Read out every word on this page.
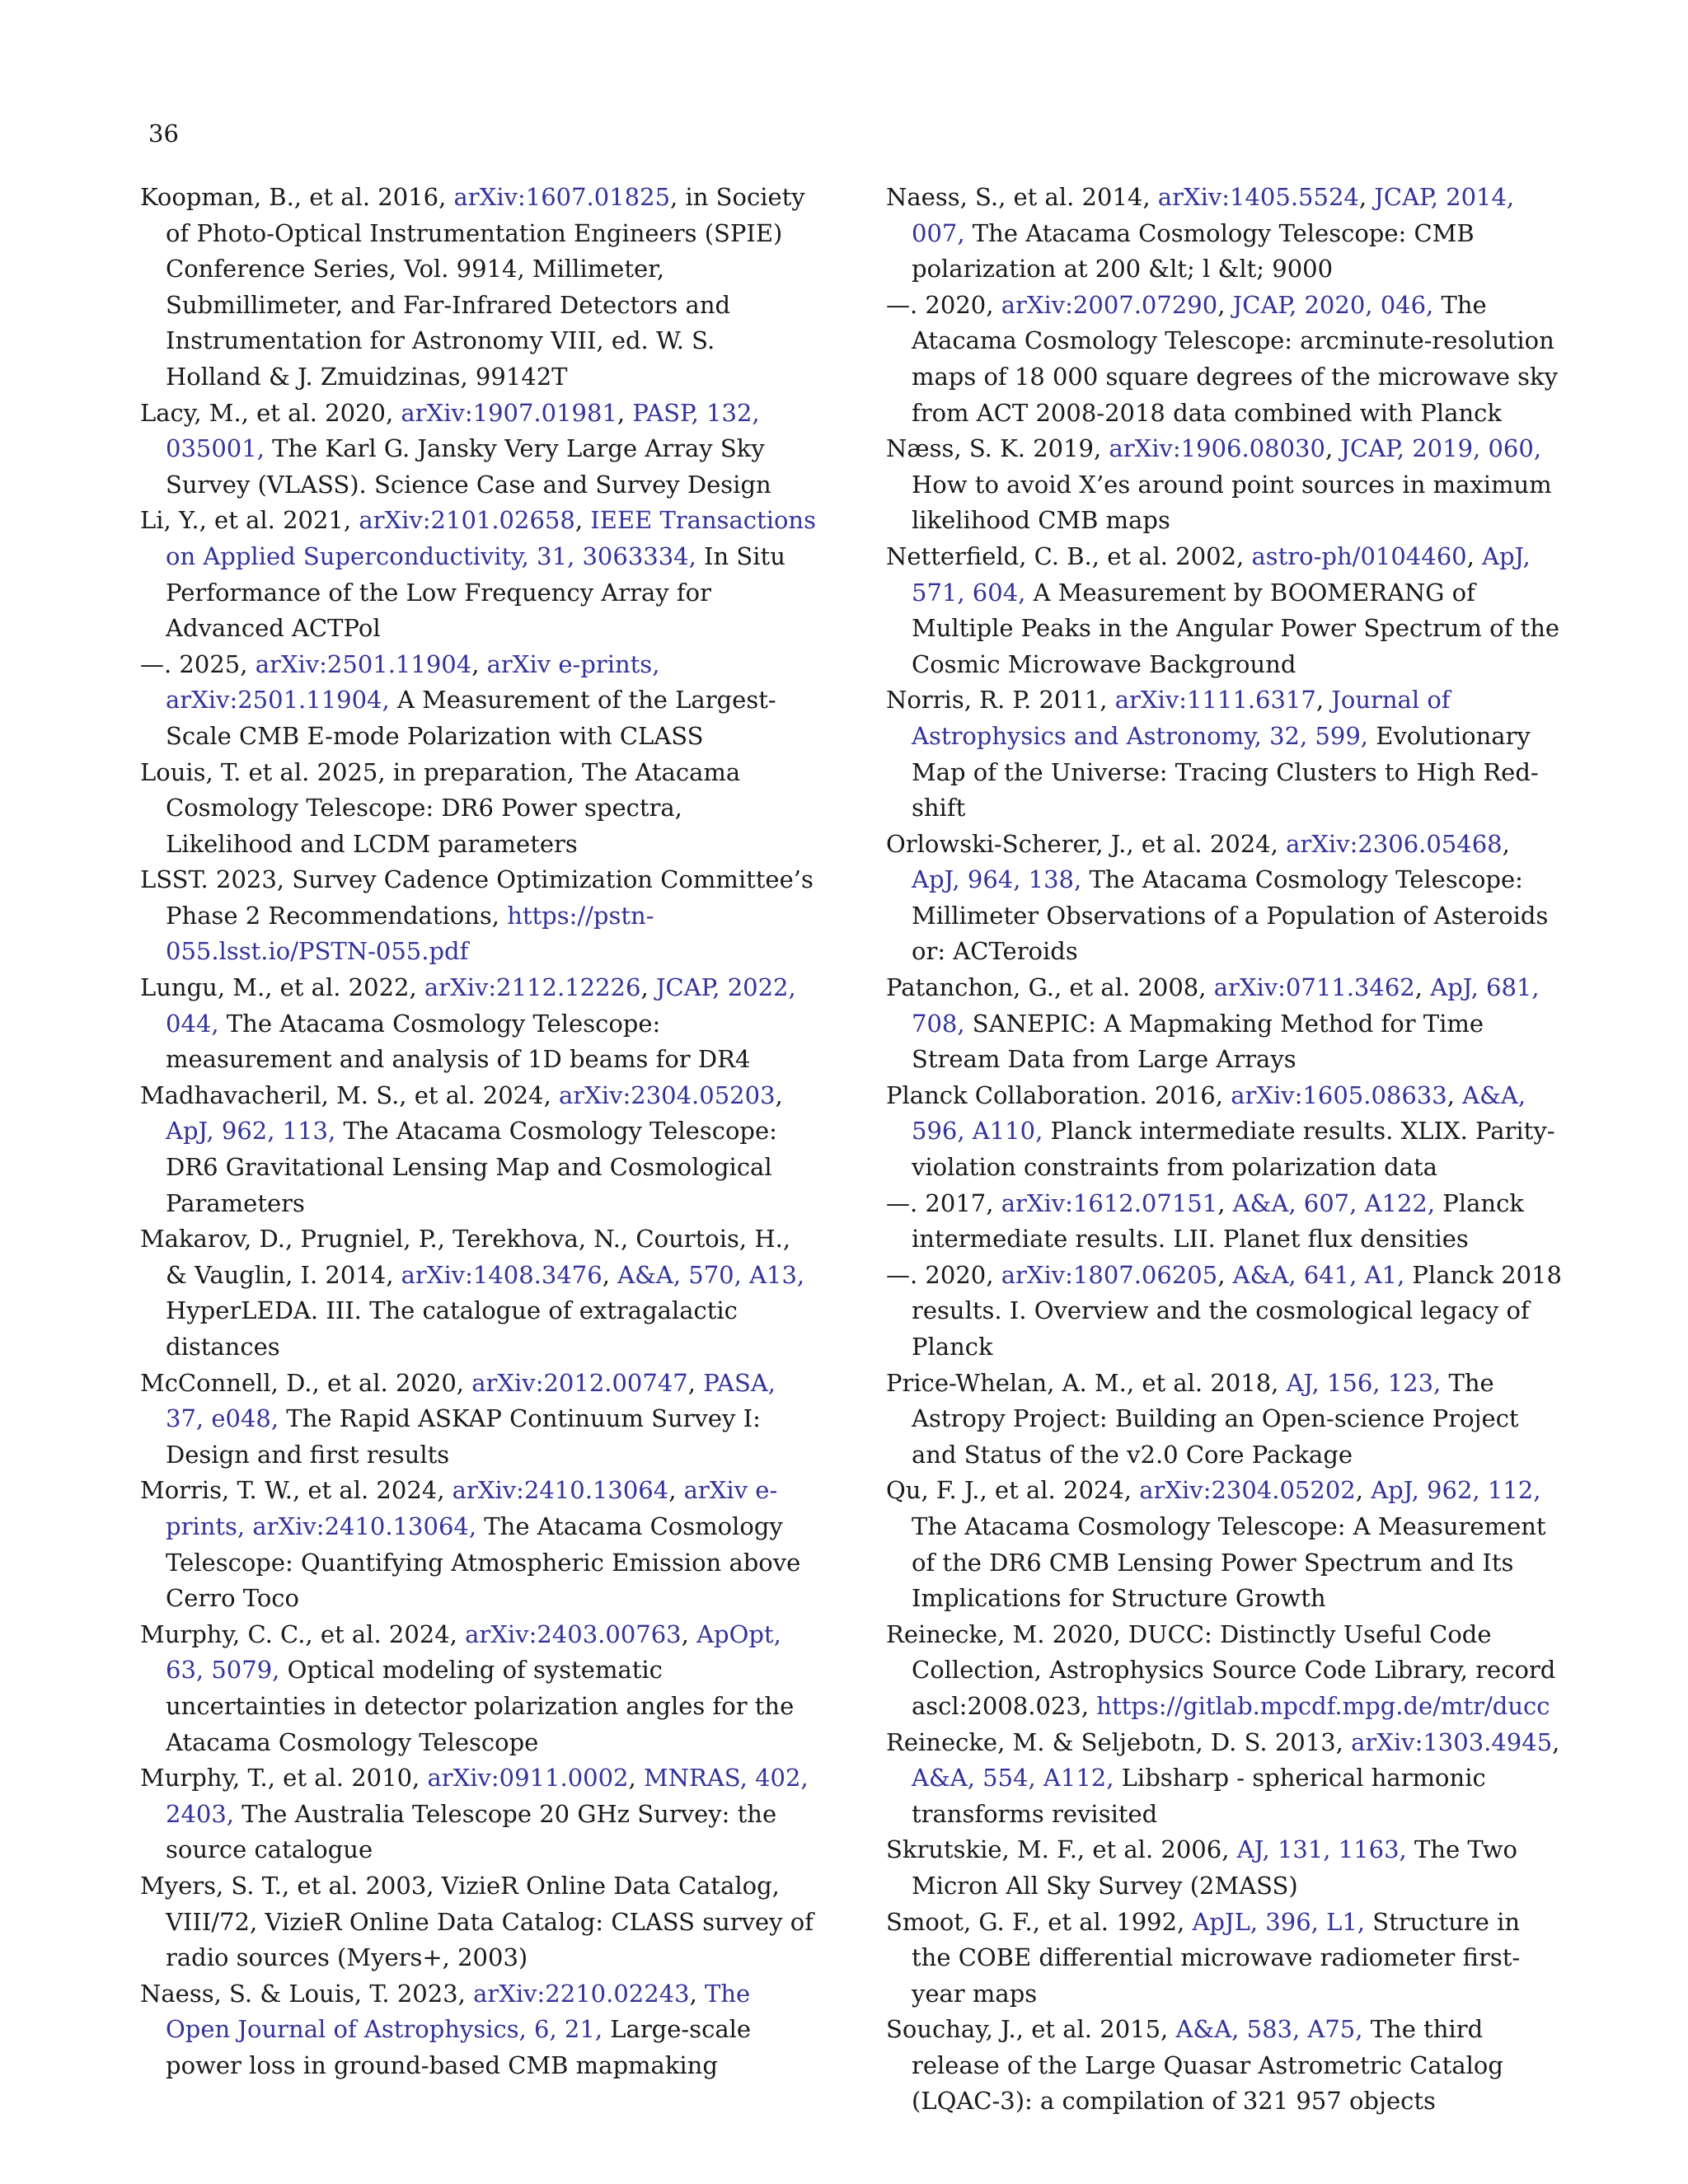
36

Koopman, B., et al. 2016, arXiv:1607.01825, in Society of Photo-Optical Instrumentation Engineers (SPIE) Conference Series, Vol. 9914, Millimeter, Submillimeter, and Far-Infrared Detectors and Instrumentation for Astronomy VIII, ed. W. S. Holland & J. Zmuidzinas, 99142T

Lacy, M., et al. 2020, arXiv:1907.01981, PASP, 132, 035001, The Karl G. Jansky Very Large Array Sky Survey (VLASS). Science Case and Survey Design

Li, Y., et al. 2021, arXiv:2101.02658, IEEE Transactions on Applied Superconductivity, 31, 3063334, In Situ Performance of the Low Frequency Array for Advanced ACTPol

—. 2025, arXiv:2501.11904, arXiv e-prints, arXiv:2501.11904, A Measurement of the Largest-Scale CMB E-mode Polarization with CLASS

Louis, T. et al. 2025, in preparation, The Atacama Cosmology Telescope: DR6 Power spectra, Likelihood and LCDM parameters

LSST. 2023, Survey Cadence Optimization Committee’s Phase 2 Recommendations, https://pstn-055.lsst.io/PSTN-055.pdf

Lungu, M., et al. 2022, arXiv:2112.12226, JCAP, 2022, 044, The Atacama Cosmology Telescope: measurement and analysis of 1D beams for DR4

Madhavacheril, M. S., et al. 2024, arXiv:2304.05203, ApJ, 962, 113, The Atacama Cosmology Telescope: DR6 Gravitational Lensing Map and Cosmological Parameters

Makarov, D., Prugniel, P., Terekhova, N., Courtois, H., & Vauglin, I. 2014, arXiv:1408.3476, A&A, 570, A13, HyperLEDA. III. The catalogue of extragalactic distances

McConnell, D., et al. 2020, arXiv:2012.00747, PASA, 37, e048, The Rapid ASKAP Continuum Survey I: Design and first results

Morris, T. W., et al. 2024, arXiv:2410.13064, arXiv e-prints, arXiv:2410.13064, The Atacama Cosmology Telescope: Quantifying Atmospheric Emission above Cerro Toco

Murphy, C. C., et al. 2024, arXiv:2403.00763, ApOpt, 63, 5079, Optical modeling of systematic uncertainties in detector polarization angles for the Atacama Cosmology Telescope

Murphy, T., et al. 2010, arXiv:0911.0002, MNRAS, 402, 2403, The Australia Telescope 20 GHz Survey: the source catalogue

Myers, S. T., et al. 2003, VizieR Online Data Catalog, VIII/72, VizieR Online Data Catalog: CLASS survey of radio sources (Myers+, 2003)

Naess, S. & Louis, T. 2023, arXiv:2210.02243, The Open Journal of Astrophysics, 6, 21, Large-scale power loss in ground-based CMB mapmaking

Naess, S., et al. 2014, arXiv:1405.5524, JCAP, 2014, 007, The Atacama Cosmology Telescope: CMB polarization at 200 &lt; l &lt; 9000

—. 2020, arXiv:2007.07290, JCAP, 2020, 046, The Atacama Cosmology Telescope: arcminute-resolution maps of 18 000 square degrees of the microwave sky from ACT 2008-2018 data combined with Planck

Næss, S. K. 2019, arXiv:1906.08030, JCAP, 2019, 060, How to avoid X’es around point sources in maximum likelihood CMB maps

Netterfield, C. B., et al. 2002, astro-ph/0104460, ApJ, 571, 604, A Measurement by BOOMERANG of Multiple Peaks in the Angular Power Spectrum of the Cosmic Microwave Background

Norris, R. P. 2011, arXiv:1111.6317, Journal of Astrophysics and Astronomy, 32, 599, Evolutionary Map of the Universe: Tracing Clusters to High Red-shift

Orlowski-Scherer, J., et al. 2024, arXiv:2306.05468, ApJ, 964, 138, The Atacama Cosmology Telescope: Millimeter Observations of a Population of Asteroids or: ACTeroids

Patanchon, G., et al. 2008, arXiv:0711.3462, ApJ, 681, 708, SANEPIC: A Mapmaking Method for Time Stream Data from Large Arrays

Planck Collaboration. 2016, arXiv:1605.08633, A&A, 596, A110, Planck intermediate results. XLIX. Parity-violation constraints from polarization data

—. 2017, arXiv:1612.07151, A&A, 607, A122, Planck intermediate results. LII. Planet flux densities

—. 2020, arXiv:1807.06205, A&A, 641, A1, Planck 2018 results. I. Overview and the cosmological legacy of Planck

Price-Whelan, A. M., et al. 2018, AJ, 156, 123, The Astropy Project: Building an Open-science Project and Status of the v2.0 Core Package

Qu, F. J., et al. 2024, arXiv:2304.05202, ApJ, 962, 112, The Atacama Cosmology Telescope: A Measurement of the DR6 CMB Lensing Power Spectrum and Its Implications for Structure Growth

Reinecke, M. 2020, DUCC: Distinctly Useful Code Collection, Astrophysics Source Code Library, record ascl:2008.023, https://gitlab.mpcdf.mpg.de/mtr/ducc

Reinecke, M. & Seljebotn, D. S. 2013, arXiv:1303.4945, A&A, 554, A112, Libsharp - spherical harmonic transforms revisited

Skrutskie, M. F., et al. 2006, AJ, 131, 1163, The Two Micron All Sky Survey (2MASS)

Smoot, G. F., et al. 1992, ApJL, 396, L1, Structure in the COBE differential microwave radiometer first-year maps

Souchay, J., et al. 2015, A&A, 583, A75, The third release of the Large Quasar Astrometric Catalog (LQAC-3): a compilation of 321 957 objects
